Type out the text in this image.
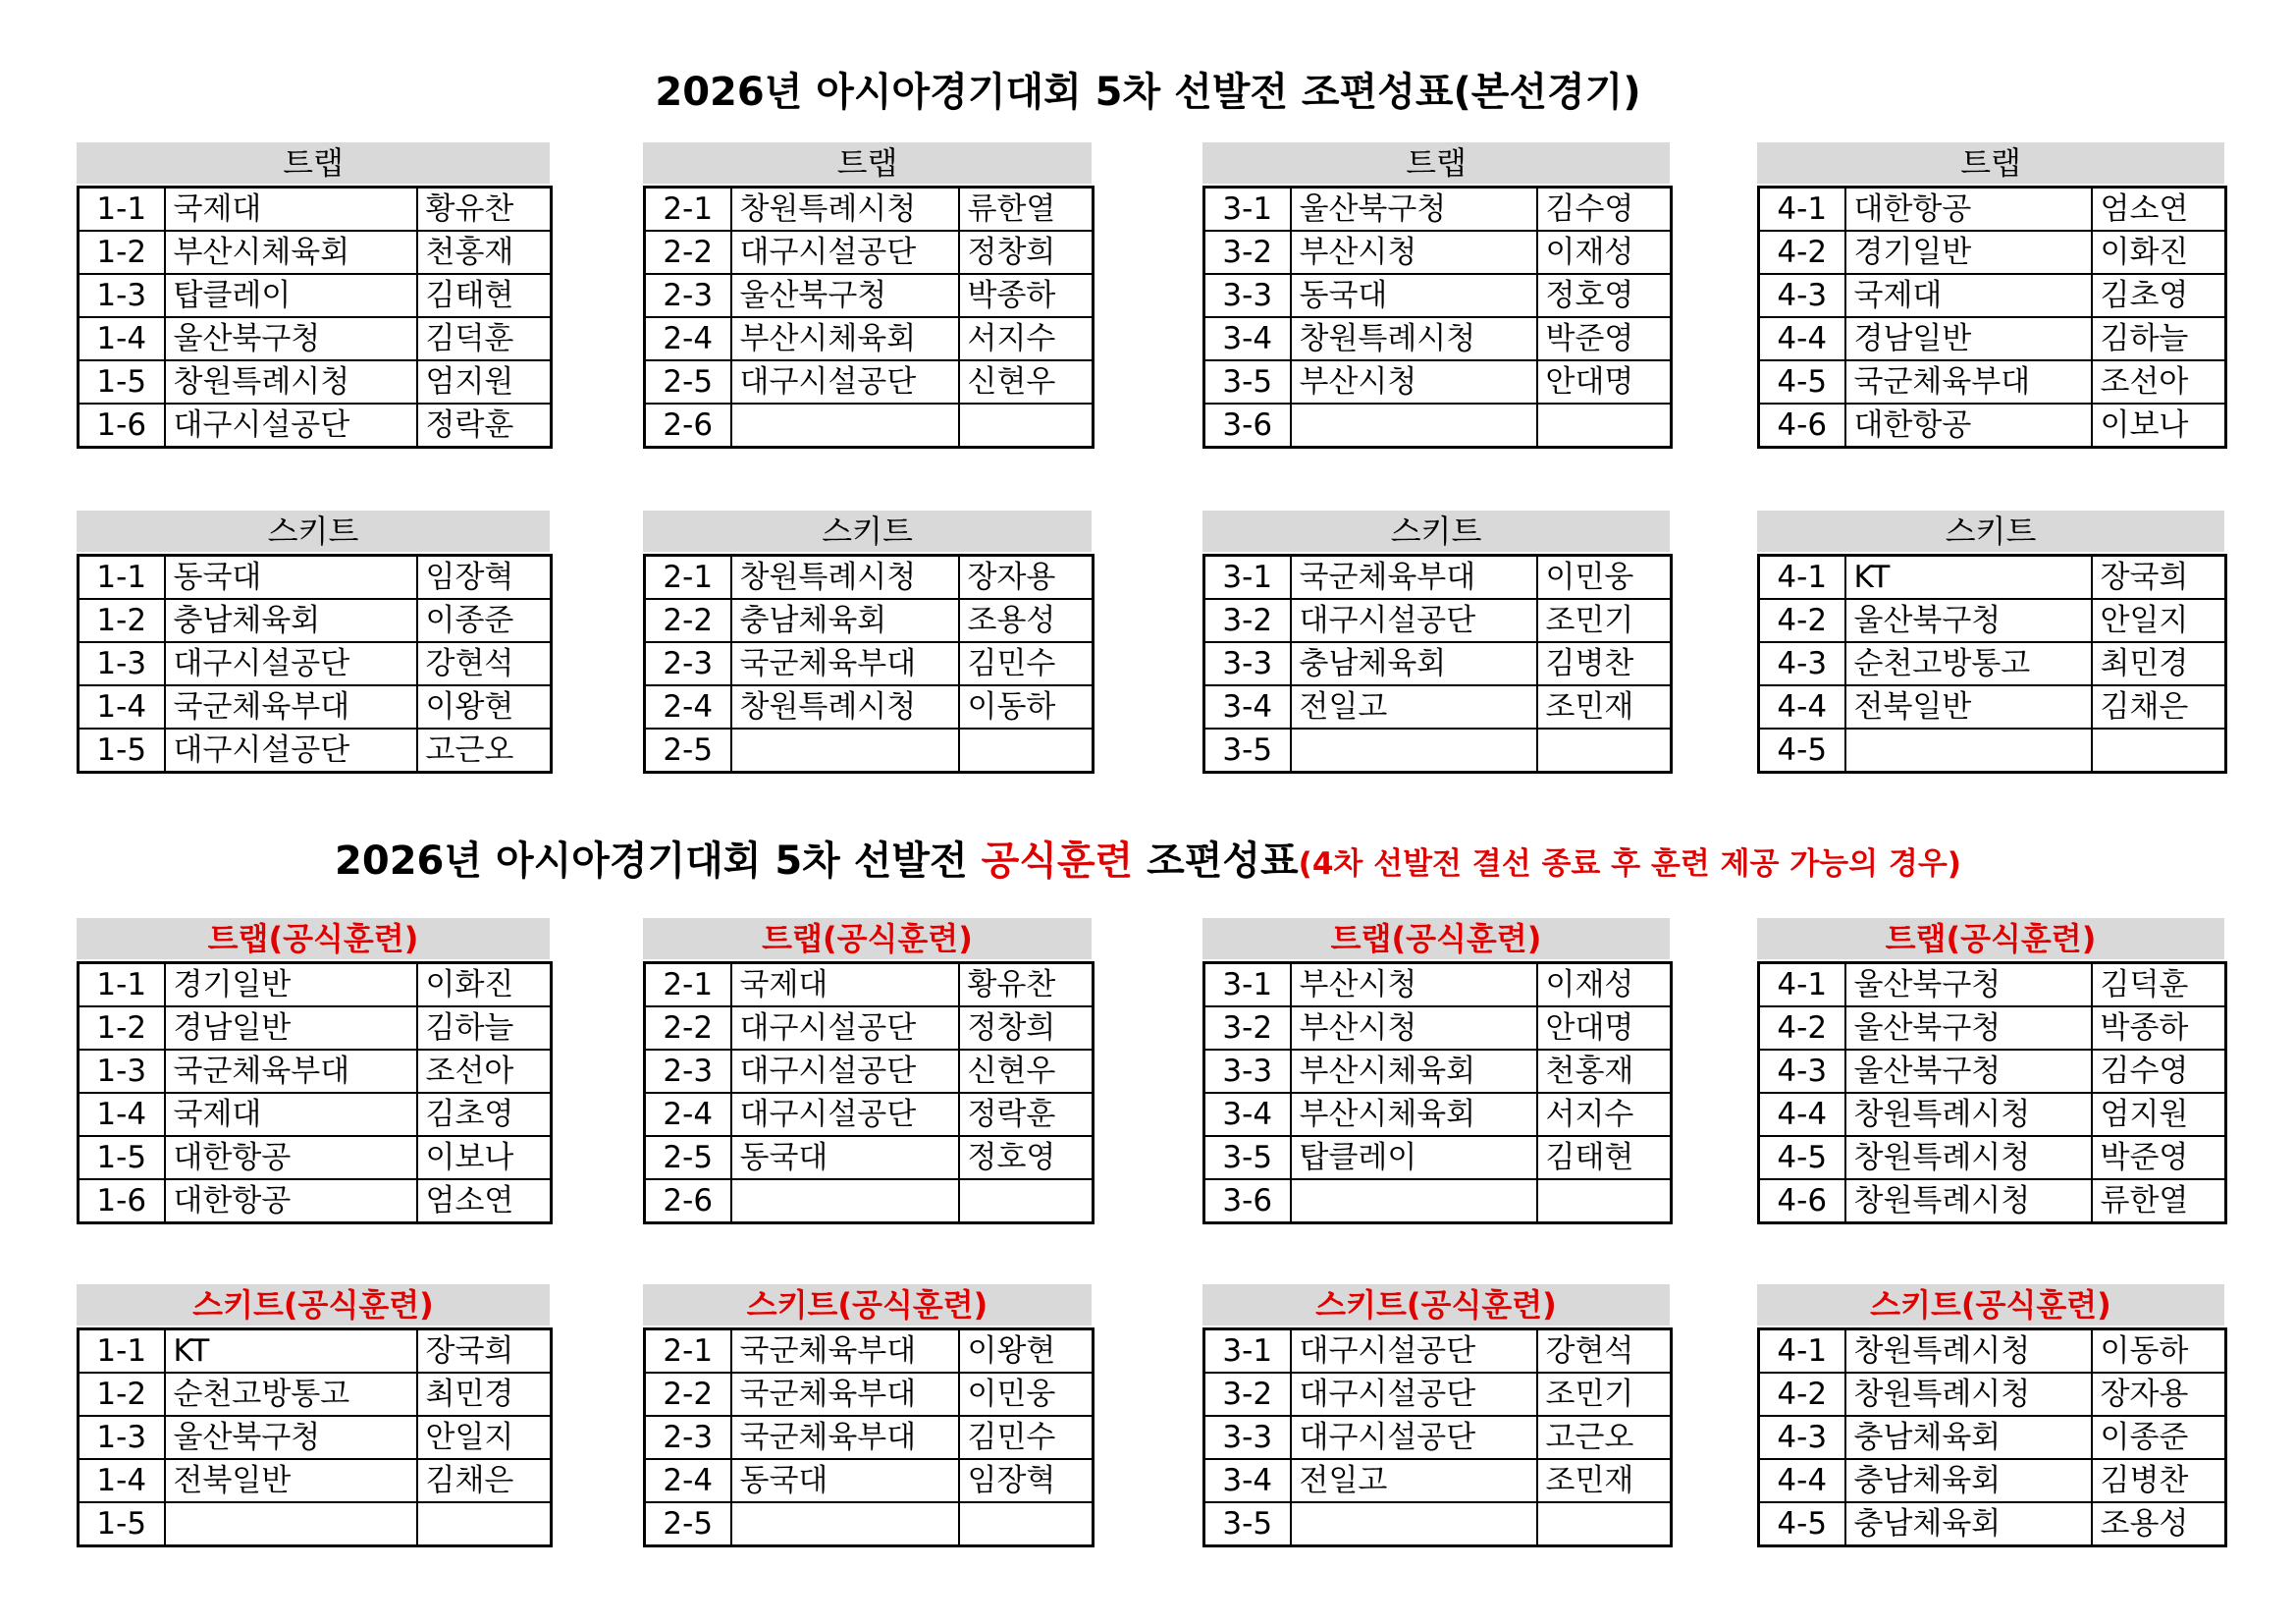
2026년 아시아경기대회 5차 선발전 조편성표(본선경기)
2026년 아시아경기대회 5차 선발전 공식훈련 조편성표(4차 선발전 결선 종료 후 훈련 제공 가능의 경우)
트랩
1-1	국제대	황유찬
1-2	부산시체육회	천홍재
1-3	탑클레이	김태현
1-4	울산북구청	김덕훈
1-5	창원특례시청	엄지원
1-6	대구시설공단	정락훈
트랩
2-1	창원특례시청	류한열
2-2	대구시설공단	정창희
2-3	울산북구청	박종하
2-4	부산시체육회	서지수
2-5	대구시설공단	신현우
2-6		
트랩
3-1	울산북구청	김수영
3-2	부산시청	이재성
3-3	동국대	정호영
3-4	창원특례시청	박준영
3-5	부산시청	안대명
3-6		
트랩
4-1	대한항공	엄소연
4-2	경기일반	이화진
4-3	국제대	김초영
4-4	경남일반	김하늘
4-5	국군체육부대	조선아
4-6	대한항공	이보나
스키트
1-1	동국대	임장혁
1-2	충남체육회	이종준
1-3	대구시설공단	강현석
1-4	국군체육부대	이왕현
1-5	대구시설공단	고근오
스키트
2-1	창원특례시청	장자용
2-2	충남체육회	조용성
2-3	국군체육부대	김민수
2-4	창원특례시청	이동하
2-5		
스키트
3-1	국군체육부대	이민웅
3-2	대구시설공단	조민기
3-3	충남체육회	김병찬
3-4	전일고	조민재
3-5		
스키트
4-1	KT	장국희
4-2	울산북구청	안일지
4-3	순천고방통고	최민경
4-4	전북일반	김채은
4-5		
트랩(공식훈련)
1-1	경기일반	이화진
1-2	경남일반	김하늘
1-3	국군체육부대	조선아
1-4	국제대	김초영
1-5	대한항공	이보나
1-6	대한항공	엄소연
트랩(공식훈련)
2-1	국제대	황유찬
2-2	대구시설공단	정창희
2-3	대구시설공단	신현우
2-4	대구시설공단	정락훈
2-5	동국대	정호영
2-6		
트랩(공식훈련)
3-1	부산시청	이재성
3-2	부산시청	안대명
3-3	부산시체육회	천홍재
3-4	부산시체육회	서지수
3-5	탑클레이	김태현
3-6		
트랩(공식훈련)
4-1	울산북구청	김덕훈
4-2	울산북구청	박종하
4-3	울산북구청	김수영
4-4	창원특례시청	엄지원
4-5	창원특례시청	박준영
4-6	창원특례시청	류한열
스키트(공식훈련)
1-1	KT	장국희
1-2	순천고방통고	최민경
1-3	울산북구청	안일지
1-4	전북일반	김채은
1-5		
스키트(공식훈련)
2-1	국군체육부대	이왕현
2-2	국군체육부대	이민웅
2-3	국군체육부대	김민수
2-4	동국대	임장혁
2-5		
스키트(공식훈련)
3-1	대구시설공단	강현석
3-2	대구시설공단	조민기
3-3	대구시설공단	고근오
3-4	전일고	조민재
3-5		
스키트(공식훈련)
4-1	창원특례시청	이동하
4-2	창원특례시청	장자용
4-3	충남체육회	이종준
4-4	충남체육회	김병찬
4-5	충남체육회	조용성
